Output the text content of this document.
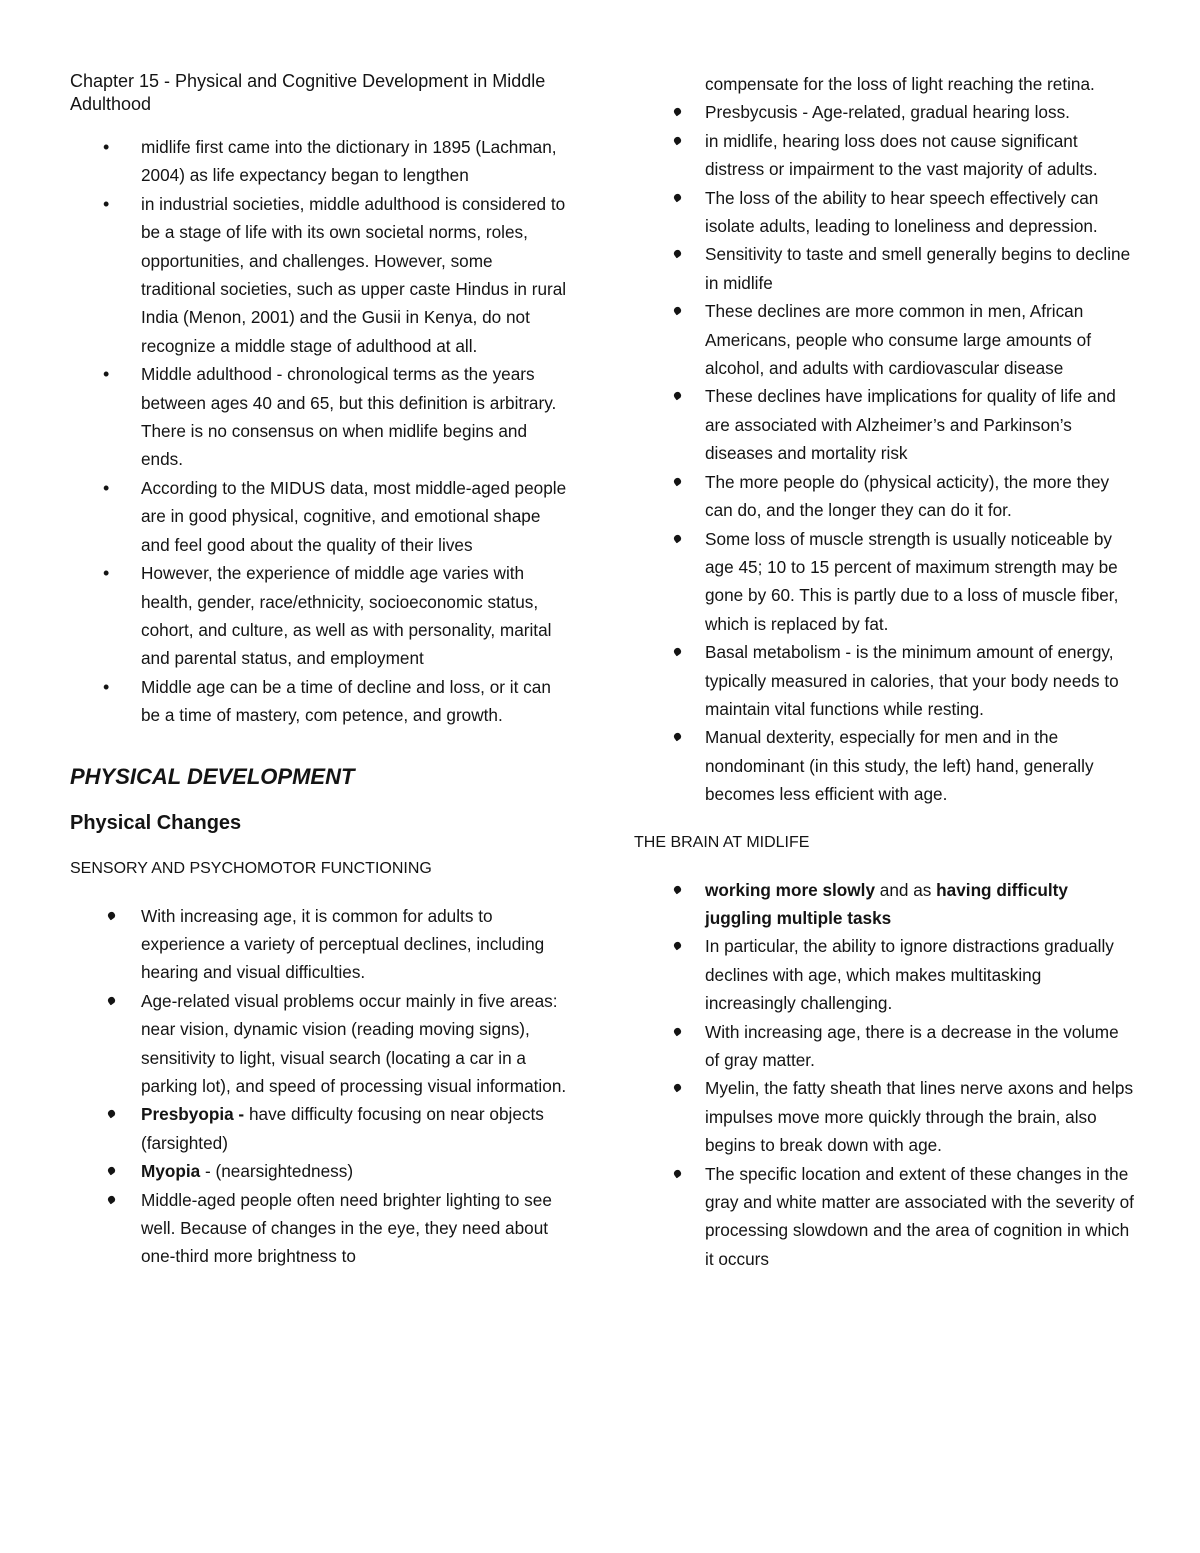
Chapter 15 - Physical and Cognitive Development in Middle Adulthood
• midlife first came into the dictionary in 1895 (Lachman, 2004) as life expectancy began to lengthen
• in industrial societies, middle adulthood is considered to be a stage of life with its own societal norms, roles, opportunities, and challenges. However, some traditional societies, such as upper caste Hindus in rural India (Menon, 2001) and the Gusii in Kenya, do not recognize a middle stage of adulthood at all.
• Middle adulthood - chronological terms as the years between ages 40 and 65, but this definition is arbitrary. There is no consensus on when midlife begins and ends.
• According to the MIDUS data, most middle-aged people are in good physical, cognitive, and emotional shape and feel good about the quality of their lives
• However, the experience of middle age varies with health, gender, race/ethnicity, socioeconomic status, cohort, and culture, as well as with personality, marital and parental status, and employment
• Middle age can be a time of decline and loss, or it can be a time of mastery, com petence, and growth.
PHYSICAL DEVELOPMENT
Physical Changes
SENSORY AND PSYCHOMOTOR FUNCTIONING
With increasing age, it is common for adults to experience a variety of perceptual declines, including hearing and visual difficulties.
Age-related visual problems occur mainly in five areas: near vision, dynamic vision (reading moving signs), sensitivity to light, visual search (locating a car in a parking lot), and speed of processing visual information.
Presbyopia - have difficulty focusing on near objects (farsighted)
Myopia - (nearsightedness)
Middle-aged people often need brighter lighting to see well. Because of changes in the eye, they need about one-third more brightness to
compensate for the loss of light reaching the retina.
Presbycusis - Age-related, gradual hearing loss.
in midlife, hearing loss does not cause significant distress or impairment to the vast majority of adults.
The loss of the ability to hear speech effectively can isolate adults, leading to loneliness and depression.
Sensitivity to taste and smell generally begins to decline in midlife
These declines are more common in men, African Americans, people who consume large amounts of alcohol, and adults with cardiovascular disease
These declines have implications for quality of life and are associated with Alzheimer’s and Parkinson’s diseases and mortality risk
The more people do (physical acticity), the more they can do, and the longer they can do it for.
Some loss of muscle strength is usually noticeable by age 45; 10 to 15 percent of maximum strength may be gone by 60. This is partly due to a loss of muscle fiber, which is replaced by fat.
Basal metabolism - is the minimum amount of energy, typically measured in calories, that your body needs to maintain vital functions while resting.
Manual dexterity, especially for men and in the nondominant (in this study, the left) hand, generally becomes less efficient with age.
THE BRAIN AT MIDLIFE
working more slowly and as having difficulty juggling multiple tasks
In particular, the ability to ignore distractions gradually declines with age, which makes multitasking increasingly challenging.
With increasing age, there is a decrease in the volume of gray matter.
Myelin, the fatty sheath that lines nerve axons and helps impulses move more quickly through the brain, also begins to break down with age.
The specific location and extent of these changes in the gray and white matter are associated with the severity of processing slowdown and the area of cognition in which it occurs
